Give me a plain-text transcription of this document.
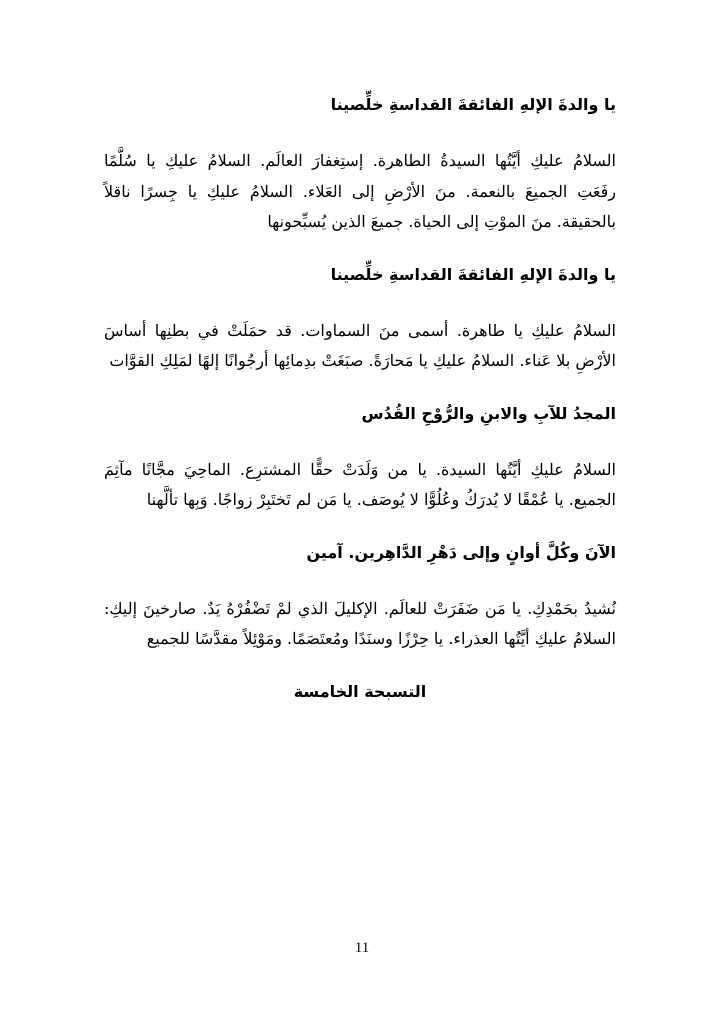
يا والدةَ الإلهِ الفائقةَ القداسةِ خلِّصينا

السلامُ عليكِ أيَّتُها السيدةُ الطاهرة. إستِغفارَ العالَم. السلامُ عليكِ يا سُلَّمًا رفَعَتِ الجميعَ بالنعمة. منَ الأرْضِ إلى العَلاء. السلامُ عليكِ يا جِسرًا ناقلاً بالحقيقة. منَ الموْتِ إلى الحياة. جميعَ الذين يُسبِّحونها

يا والدةَ الإلهِ الفائقةَ القداسةِ خلِّصينا

السلامُ عليكِ يا طاهرة. أسمى منَ السماوات. قد حمَلَتْ في بطنِها أساسَ الأرْضِ بلا عَناء. السلامُ عليكِ يا مَحارَةً. صبَغَتْ بدِمائِها أرجُوانًا إلهًا لمَلِكِ القوَّات

المجدُ للآبِ والابنِ والرُّوْحِ القُدُس

السلامُ عليكِ أيَّتُها السيدة. يا من وَلَدَتْ حقًّا المشترِع. الماحِيَ مجَّانًا مآثِمَ الجميع. يا عُمْقًا لا يُدرَكُ وعُلُوًّا لا يُوصَف. يا مَن لم تَختَبِرْ زواجًا. وَبِها تألَّهنا

الآنَ وكُلَّ أوانٍ وإلى دَهْرِ الدَّاهِرين. آمين

نُشيدُ بحَمْدِكِ. يا مَن ضَفَرَتْ للعالَم. الإكليلَ الذي لمْ تَضْفُرْهُ يَدٌ. صارخينَ إليكِ: السلامُ عليكِ أيَّتُها العذراء. يا حِرْزًا وسنَدًا ومُعتَصَمًا. ومَوْئِلاً مقدَّسًا للجميع

التسبحة الخامسة
11
